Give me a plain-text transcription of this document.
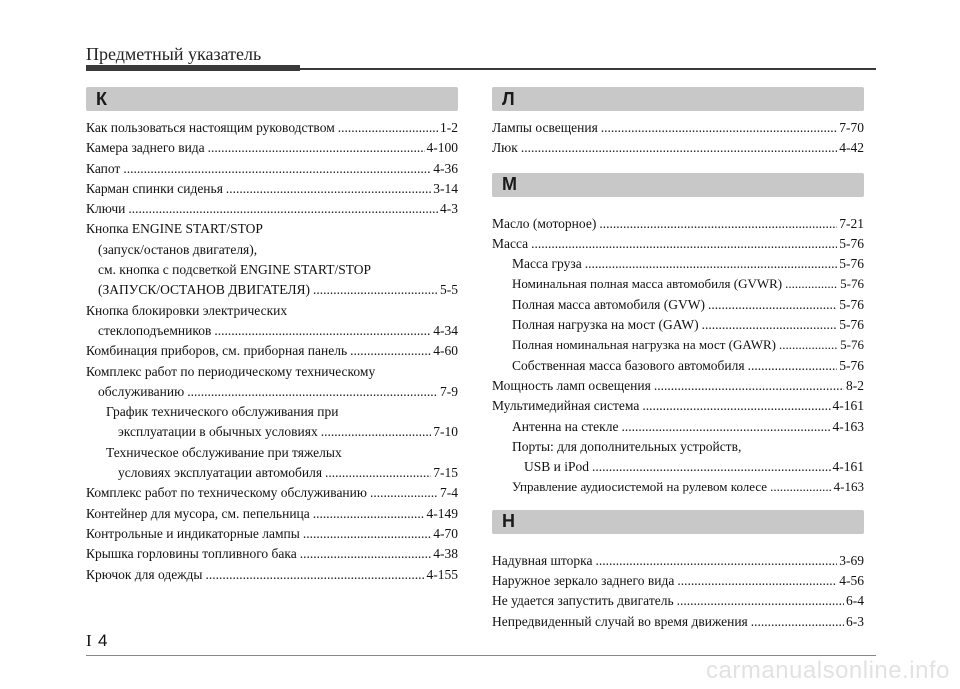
Предметный указатель
К
Как пользоваться настоящим руководством .....	1-2
Камера заднего вида .....	4-100
Капот .....	4-36
Карман спинки сиденья .....	3-14
Ключи .....	4-3
Кнопка ENGINE START/STOP
(запуск/останов двигателя),
см. кнопка с подсветкой ENGINE START/STOP
(ЗАПУСК/ОСТАНОВ ДВИГАТЕЛЯ) .....	5-5
Кнопка блокировки электрических
стеклоподъемников .....	4-34
Комбинация приборов, см. приборная панель .....	4-60
Комплекс работ по периодическому техническому
обслуживанию .....	7-9
График технического обслуживания при
эксплуатации в обычных условиях .....	7-10
Техническое обслуживание при тяжелых
условиях эксплуатации автомобиля .....	7-15
Комплекс работ по техническому обслуживанию .....	7-4
Контейнер для мусора, см. пепельница .....	4-149
Контрольные и индикаторные лампы .....	4-70
Крышка горловины топливного бака .....	4-38
Крючок для одежды .....	4-155
Л
Лампы освещения .....	7-70
Люк .....	4-42
М
Масло (моторное) .....	7-21
Масса .....	5-76
Масса груза .....	5-76
Номинальная полная масса автомобиля (GVWR) .....	5-76
Полная масса автомобиля (GVW) .....	5-76
Полная нагрузка на мост (GAW) .....	5-76
Полная номинальная нагрузка на мост (GAWR) .....	5-76
Собственная масса базового автомобиля .....	5-76
Мощность ламп освещения .....	8-2
Мультимедийная система .....	4-161
Антенна на стекле .....	4-163
Порты: для дополнительных устройств,
USB и iPod .....	4-161
Управление аудиосистемой на рулевом колесе .....	4-163
Н
Надувная шторка .....	3-69
Наружное зеркало заднего вида .....	4-56
Не удается запустить двигатель .....	6-4
Непредвиденный случай во время движения .....	6-3
I 4
carmanualsonline.info
